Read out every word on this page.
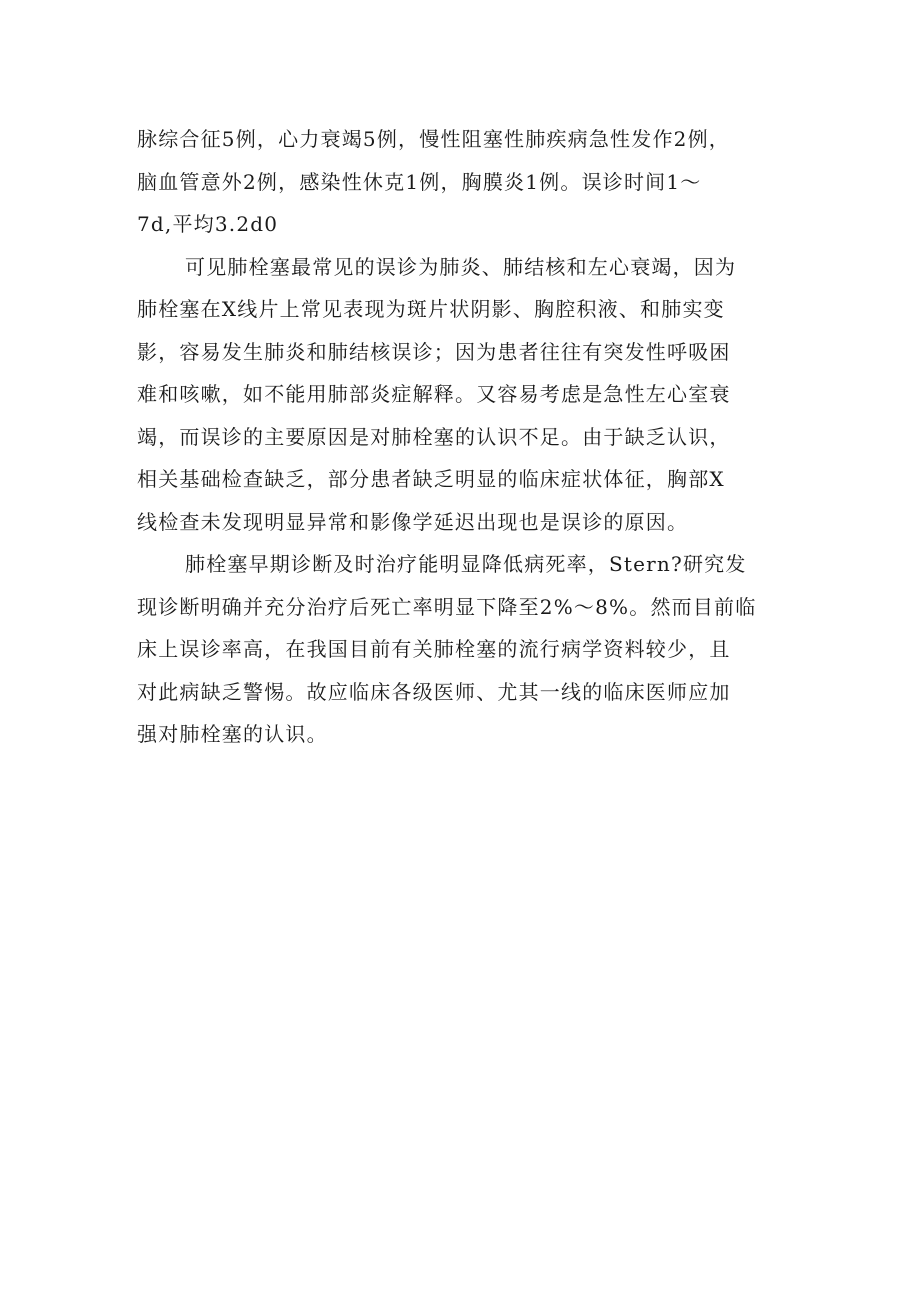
脉综合征5例，心力衰竭5例，慢性阻塞性肺疾病急性发作2例，
脑血管意外2例，感染性休克1例，胸膜炎1例。误诊时间1～
7d,平均3.2d0

可见肺栓塞最常见的误诊为肺炎、肺结核和左心衰竭，因为
肺栓塞在X线片上常见表现为斑片状阴影、胸腔积液、和肺实变
影，容易发生肺炎和肺结核误诊；因为患者往往有突发性呼吸困
难和咳嗽，如不能用肺部炎症解释。又容易考虑是急性左心室衰
竭，而误诊的主要原因是对肺栓塞的认识不足。由于缺乏认识，
相关基础检查缺乏，部分患者缺乏明显的临床症状体征，胸部X
线检查未发现明显异常和影像学延迟出现也是误诊的原因。

肺栓塞早期诊断及时治疗能明显降低病死率，Stern?研究发
现诊断明确并充分治疗后死亡率明显下降至2%～8%。然而目前临
床上误诊率高，在我国目前有关肺栓塞的流行病学资料较少，且
对此病缺乏警惕。故应临床各级医师、尤其一线的临床医师应加
强对肺栓塞的认识。
